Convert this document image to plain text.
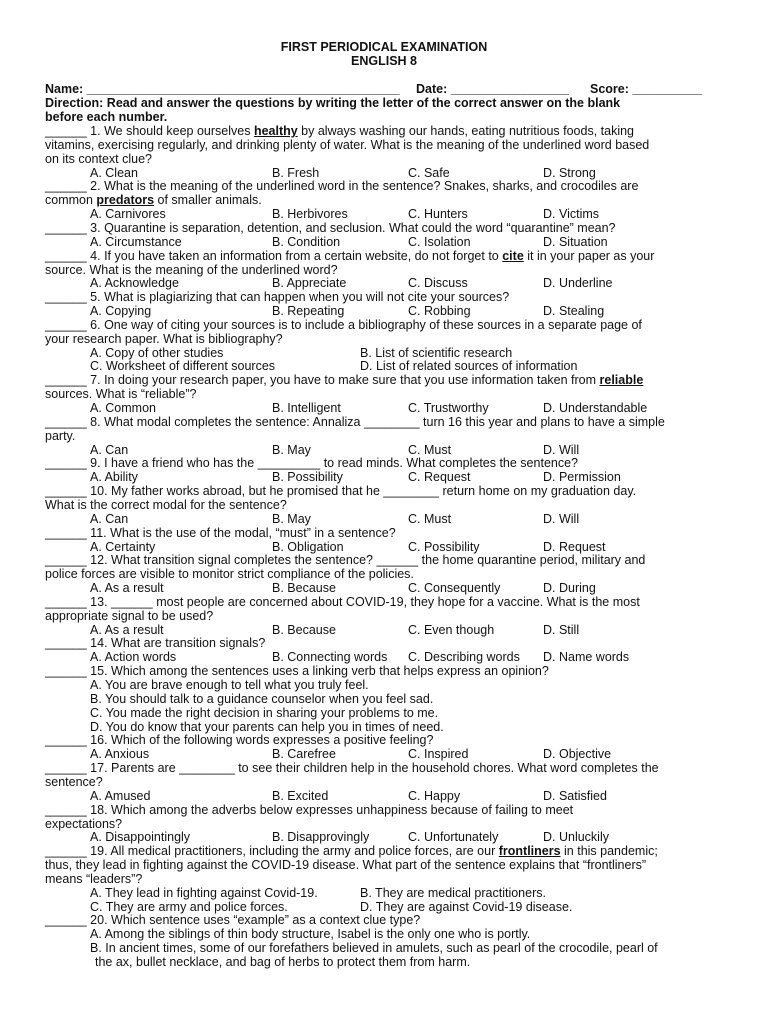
FIRST PERIODICAL EXAMINATION
ENGLISH 8
Name: _____________________________________________ Date: _________________ Score: __________
Direction: Read and answer the questions by writing the letter of the correct answer on the blank
before each number.
______ 1. We should keep ourselves healthy by always washing our hands, eating nutritious foods, taking
vitamins, exercising regularly, and drinking plenty of water. What is the meaning of the underlined word based
on its context clue?
A. Clean	B. Fresh	C. Safe	D. Strong
______ 2. What is the meaning of the underlined word in the sentence? Snakes, sharks, and crocodiles are
common predators of smaller animals.
A. Carnivores	B. Herbivores	C. Hunters	D. Victims
______ 3. Quarantine is separation, detention, and seclusion. What could the word “quarantine” mean?
A. Circumstance	B. Condition	C. Isolation	D. Situation
______ 4. If you have taken an information from a certain website, do not forget to cite it in your paper as your
source. What is the meaning of the underlined word?
A. Acknowledge	B. Appreciate	C. Discuss	D. Underline
______ 5. What is plagiarizing that can happen when you will not cite your sources?
A. Copying	B. Repeating	C. Robbing	D. Stealing
______ 6. One way of citing your sources is to include a bibliography of these sources in a separate page of
your research paper. What is bibliography?
A. Copy of other studies	B. List of scientific research
C. Worksheet of different sources	D. List of related sources of information
______ 7. In doing your research paper, you have to make sure that you use information taken from reliable
sources. What is “reliable”?
A. Common	B. Intelligent	C. Trustworthy	D. Understandable
______ 8. What modal completes the sentence: Annaliza ________ turn 16 this year and plans to have a simple
party.
A. Can	B. May	C. Must	D. Will
______ 9. I have a friend who has the _________ to read minds. What completes the sentence?
A. Ability	B. Possibility	C. Request	D. Permission
______ 10. My father works abroad, but he promised that he ________ return home on my graduation day.
What is the correct modal for the sentence?
A. Can	B. May	C. Must	D. Will
______ 11. What is the use of the modal, “must” in a sentence?
A. Certainty	B. Obligation	C. Possibility	D. Request
______ 12. What transition signal completes the sentence? ______ the home quarantine period, military and
police forces are visible to monitor strict compliance of the policies.
A. As a result	B. Because	C. Consequently	D. During
______ 13. ______ most people are concerned about COVID-19, they hope for a vaccine. What is the most
appropriate signal to be used?
A. As a result	B. Because	C. Even though	D. Still
______ 14. What are transition signals?
A. Action words	B. Connecting words C. Describing words D. Name words
______ 15. Which among the sentences uses a linking verb that helps express an opinion?
A. You are brave enough to tell what you truly feel.
B. You should talk to a guidance counselor when you feel sad.
C. You made the right decision in sharing your problems to me.
D. You do know that your parents can help you in times of need.
______ 16. Which of the following words expresses a positive feeling?
A. Anxious	B. Carefree	C. Inspired	D. Objective
______ 17. Parents are ________ to see their children help in the household chores. What word completes the
sentence?
A. Amused	B. Excited	C. Happy	D. Satisfied
______ 18. Which among the adverbs below expresses unhappiness because of failing to meet
expectations?
A. Disappointingly	B. Disapprovingly	C. Unfortunately	D. Unluckily
______ 19. All medical practitioners, including the army and police forces, are our frontliners in this pandemic;
thus, they lead in fighting against the COVID-19 disease. What part of the sentence explains that “frontliners”
means “leaders”?
A. They lead in fighting against Covid-19.	B. They are medical practitioners.
C. They are army and police forces.	D. They are against Covid-19 disease.
______ 20. Which sentence uses “example” as a context clue type?
A. Among the siblings of thin body structure, Isabel is the only one who is portly.
B. In ancient times, some of our forefathers believed in amulets, such as pearl of the crocodile, pearl of
the ax, bullet necklace, and bag of herbs to protect them from harm.
